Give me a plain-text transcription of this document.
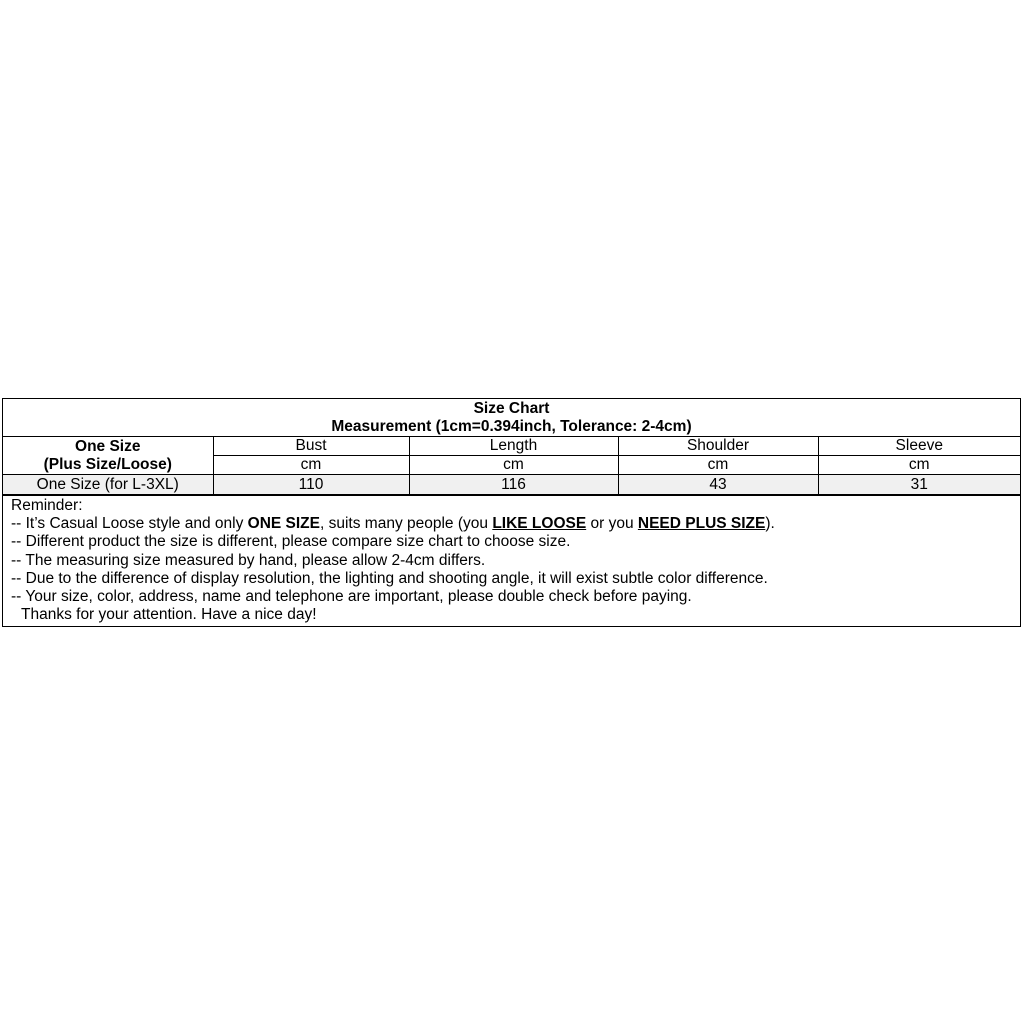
Size Chart
Measurement (1cm=0.394inch, Tolerance: 2-4cm)				

One Size
(Plus Size/Loose)	Bust	Length	Shoulder	Sleeve
	cm	cm	cm	cm
One Size (for L-3XL)	110	116	43	31
Reminder:
-- It’s Casual Loose style and only ONE SIZE, suits many people (you LIKE LOOSE or you NEED PLUS SIZE).
-- Different product the size is different, please compare size chart to choose size.
-- The measuring size measured by hand, please allow 2-4cm differs.
-- Due to the difference of display resolution, the lighting and shooting angle, it will exist subtle color difference.
-- Your size, color, address, name and telephone are important, please double check before paying.
Thanks for your attention. Have a nice day!
